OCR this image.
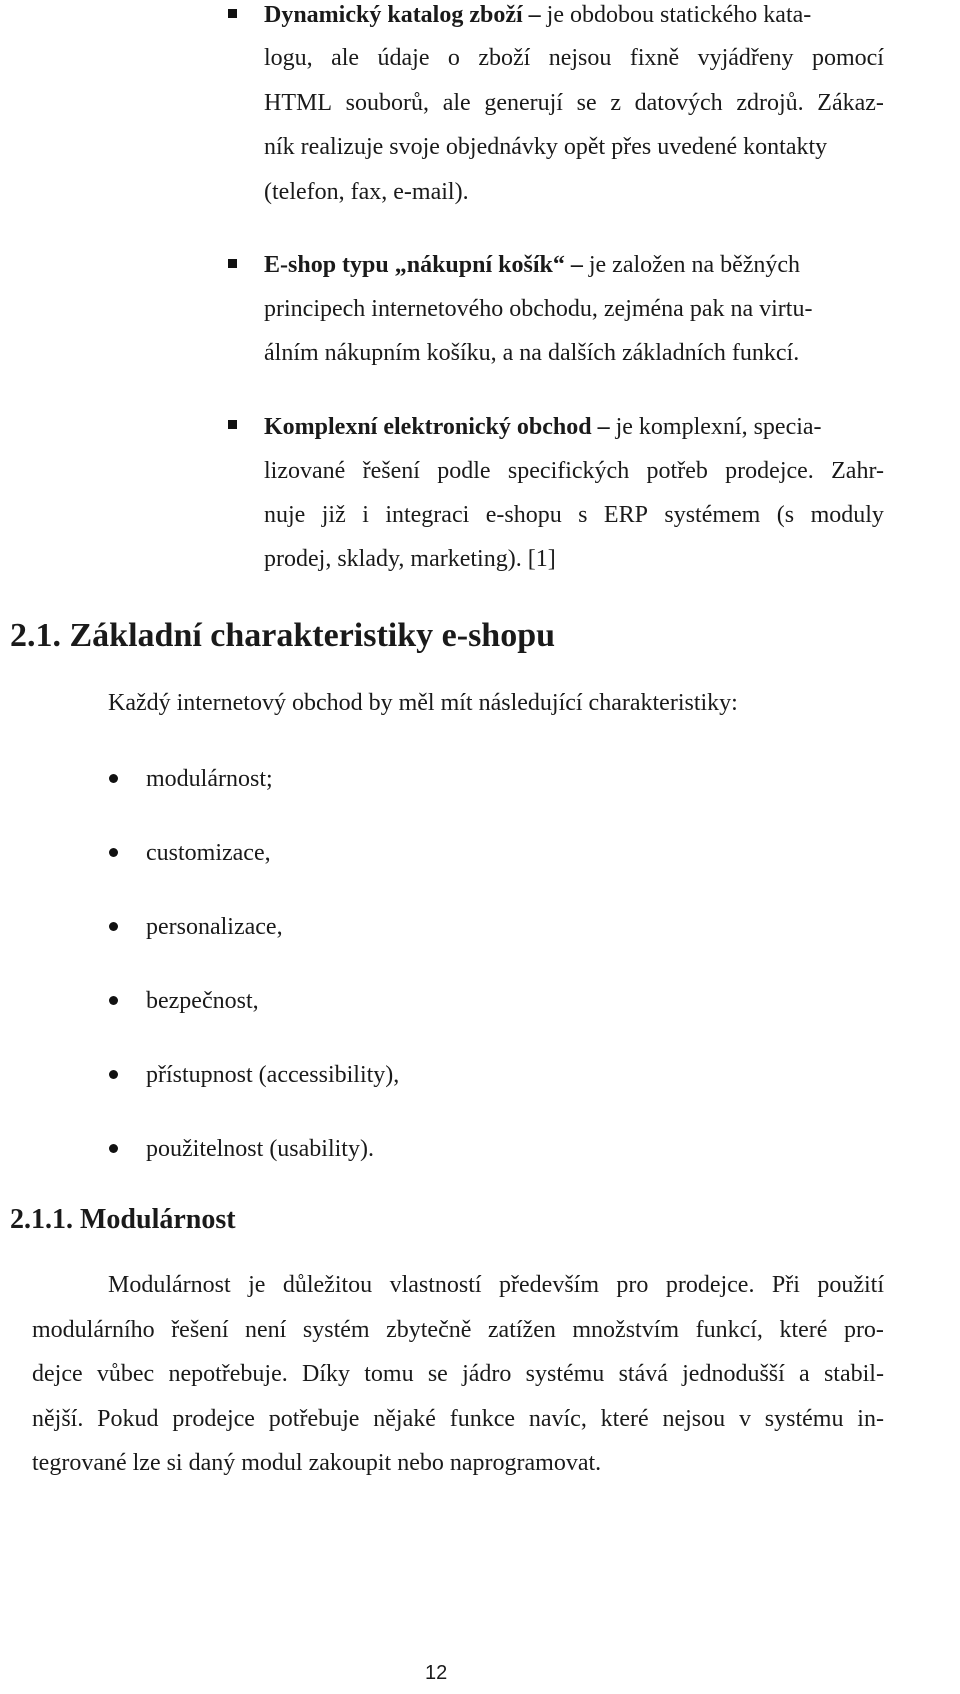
Dynamický katalog zboží – je obdobou statického kata-
logu, ale údaje o zboží nejsou fixně vyjádřeny pomocí
HTML souborů, ale generují se z datových zdrojů. Zákaz-
ník realizuje svoje objednávky opět přes uvedené kontakty
(telefon, fax, e-mail).
E-shop typu „nákupní košík“ – je založen na běžných
principech internetového obchodu, zejména pak na virtu-
álním nákupním košíku, a na dalších základních funkcí.
Komplexní elektronický obchod – je komplexní, specia-
lizované řešení podle specifických potřeb prodejce. Zahr-
nuje již i integraci e-shopu s ERP systémem (s moduly
prodej, sklady, marketing). [1]
2.1. Základní charakteristiky e-shopu
Každý internetový obchod by měl mít následující charakteristiky:
modulárnost;
customizace,
personalizace,
bezpečnost,
přístupnost (accessibility),
použitelnost (usability).
2.1.1. Modulárnost
Modulárnost je důležitou vlastností především pro prodejce. Při použití
modulárního řešení není systém zbytečně zatížen množstvím funkcí, které pro-
dejce vůbec nepotřebuje. Díky tomu se jádro systému stává jednodušší a stabil-
nější. Pokud prodejce potřebuje nějaké funkce navíc, které nejsou v systému in-
tegrované lze si daný modul zakoupit nebo naprogramovat.
12
